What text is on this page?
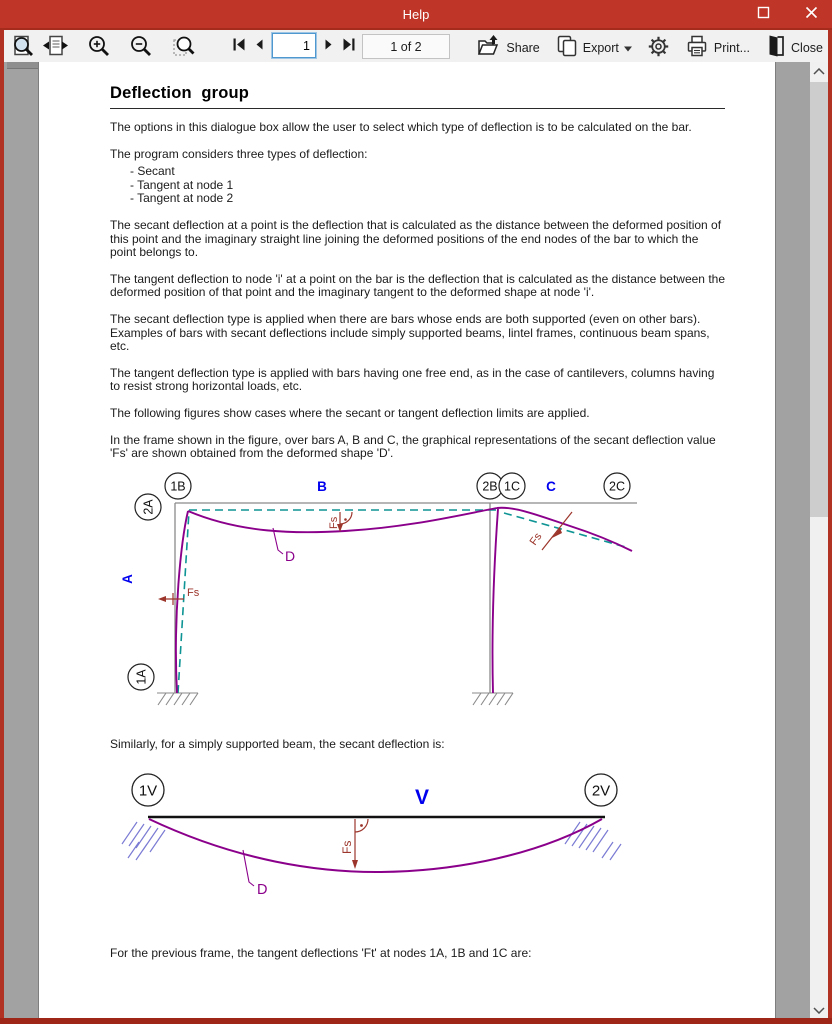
Help
1
1 of 2	Share	Export	Print...	Close
Deflection  group

The options in this dialogue box allow the user to select which type of deflection is to be calculated on the bar.

The program considers three types of deflection:

- Secant
- Tangent at node 1
- Tangent at node 2

The secant deflection at a point is the deflection that is calculated as the distance between the deformed position of this point and the imaginary straight line joining the deformed positions of the end nodes of the bar to which the point belongs to.

The tangent deflection to node 'i' at a point on the bar is the deflection that is calculated as the distance between the deformed position of that point and the imaginary tangent to the deformed shape at node 'i'.

The secant deflection type is applied when there are bars whose ends are both supported (even on other bars). Examples of bars with secant deflections include simply supported beams, lintel frames, continuous beam spans, etc.

The tangent deflection type is applied with bars having one free end, as in the case of cantilevers, columns having to resist strong horizontal loads, etc.

The following figures show cases where the secant or tangent deflection limits are applied.

In the frame shown in the figure, over bars A, B and C, the graphical representations of the secant deflection value 'Fs' are shown obtained from the deformed shape 'D'.

Fs
Fs
Fs
D
1B
2A
2B 1C	2C
1A
B	C
A

Similarly, for a simply supported beam, the secant deflection is:

Fs
D
1V	2V
V

For the previous frame, the tangent deflections 'Ft' at nodes 1A, 1B and 1C are:
